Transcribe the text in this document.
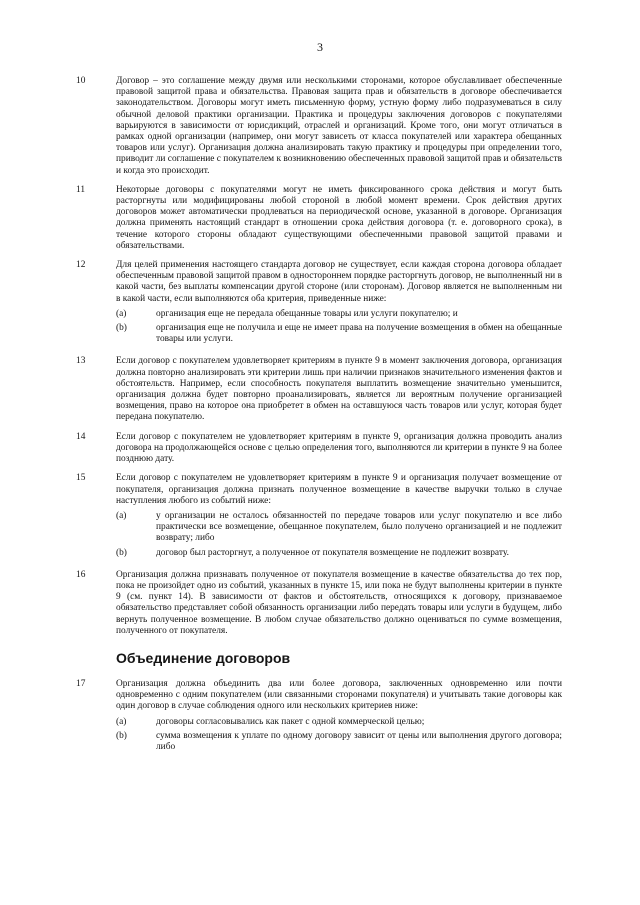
3
10	Договор – это соглашение между двумя или несколькими сторонами, которое обуславливает обеспеченные правовой защитой права и обязательства. Правовая защита прав и обязательств в договоре обеспечивается законодательством. Договоры могут иметь письменную форму, устную форму либо подразумеваться в силу обычной деловой практики организации. Практика и процедуры заключения договоров с покупателями варьируются в зависимости от юрисдикций, отраслей и организаций. Кроме того, они могут отличаться в рамках одной организации (например, они могут зависеть от класса покупателей или характера обещанных товаров или услуг). Организация должна анализировать такую практику и процедуры при определении того, приводит ли соглашение с покупателем к возникновению обеспеченных правовой защитой прав и обязательств и когда это происходит.
11	Некоторые договоры с покупателями могут не иметь фиксированного срока действия и могут быть расторгнуты или модифицированы любой стороной в любой момент времени. Срок действия других договоров может автоматически продлеваться на периодической основе, указанной в договоре. Организация должна применять настоящий стандарт в отношении срока действия договора (т. е. договорного срока), в течение которого стороны обладают существующими обеспеченными правовой защитой правами и обязательствами.
12	Для целей применения настоящего стандарта договор не существует, если каждая сторона договора обладает обеспеченным правовой защитой правом в одностороннем порядке расторгнуть договор, не выполненный ни в какой части, без выплаты компенсации другой стороне (или сторонам). Договор является не выполненным ни в какой части, если выполняются оба критерия, приведенные ниже:
(a)	организация еще не передала обещанные товары или услуги покупателю; и
(b)	организация еще не получила и еще не имеет права на получение возмещения в обмен на обещанные товары или услуги.
13	Если договор с покупателем удовлетворяет критериям в пункте 9 в момент заключения договора, организация должна повторно анализировать эти критерии лишь при наличии признаков значительного изменения фактов и обстоятельств. Например, если способность покупателя выплатить возмещение значительно уменьшится, организация должна будет повторно проанализировать, является ли вероятным получение организацией возмещения, право на которое она приобретет в обмен на оставшуюся часть товаров или услуг, которая будет передана покупателю.
14	Если договор с покупателем не удовлетворяет критериям в пункте 9, организация должна проводить анализ договора на продолжающейся основе с целью определения того, выполняются ли критерии в пункте 9 на более позднюю дату.
15	Если договор с покупателем не удовлетворяет критериям в пункте 9 и организация получает возмещение от покупателя, организация должна признать полученное возмещение в качестве выручки только в случае наступления любого из событий ниже:
(a)	у организации не осталось обязанностей по передаче товаров или услуг покупателю и все либо практически все возмещение, обещанное покупателем, было получено организацией и не подлежит возврату; либо
(b)	договор был расторгнут, а полученное от покупателя возмещение не подлежит возврату.
16	Организация должна признавать полученное от покупателя возмещение в качестве обязательства до тех пор, пока не произойдет одно из событий, указанных в пункте 15, или пока не будут выполнены критерии в пункте 9 (см. пункт 14). В зависимости от фактов и обстоятельств, относящихся к договору, признаваемое обязательство представляет собой обязанность организации либо передать товары или услуги в будущем, либо вернуть полученное возмещение. В любом случае обязательство должно оцениваться по сумме возмещения, полученного от покупателя.
Объединение договоров
17	Организация должна объединить два или более договора, заключенных одновременно или почти одновременно с одним покупателем (или связанными сторонами покупателя) и учитывать такие договоры как один договор в случае соблюдения одного или нескольких критериев ниже:
(a)	договоры согласовывались как пакет с одной коммерческой целью;
(b)	сумма возмещения к уплате по одному договору зависит от цены или выполнения другого договора; либо
